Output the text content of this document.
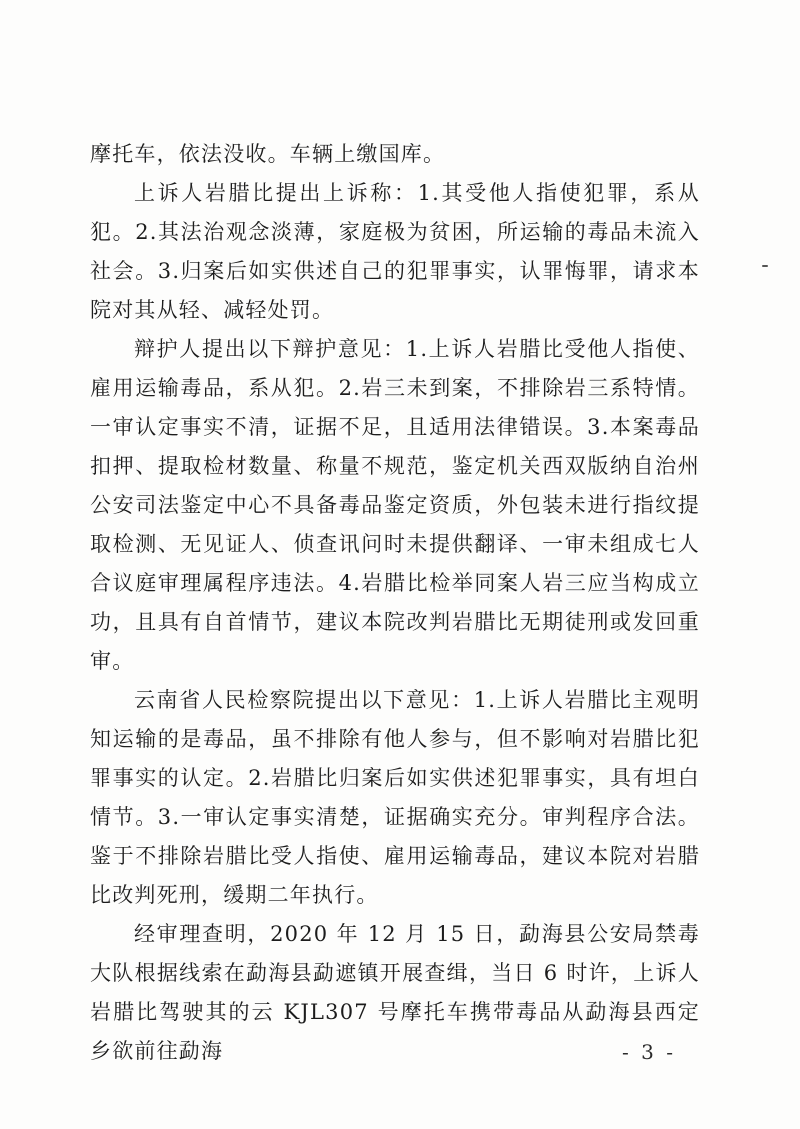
摩托车，依法没收。车辆上缴国库。

上诉人岩腊比提出上诉称：1.其受他人指使犯罪，系从犯。2.其法治观念淡薄，家庭极为贫困，所运输的毒品未流入社会。3.归案后如实供述自己的犯罪事实，认罪悔罪，请求本院对其从轻、减轻处罚。

辩护人提出以下辩护意见：1.上诉人岩腊比受他人指使、雇用运输毒品，系从犯。2.岩三未到案，不排除岩三系特情。一审认定事实不清，证据不足，且适用法律错误。3.本案毒品扣押、提取检材数量、称量不规范，鉴定机关西双版纳自治州公安司法鉴定中心不具备毒品鉴定资质，外包装未进行指纹提取检测、无见证人、侦查讯问时未提供翻译、一审未组成七人合议庭审理属程序违法。4.岩腊比检举同案人岩三应当构成立功，且具有自首情节，建议本院改判岩腊比无期徒刑或发回重审。

云南省人民检察院提出以下意见：1.上诉人岩腊比主观明知运输的是毒品，虽不排除有他人参与，但不影响对岩腊比犯罪事实的认定。2.岩腊比归案后如实供述犯罪事实，具有坦白情节。3.一审认定事实清楚，证据确实充分。审判程序合法。鉴于不排除岩腊比受人指使、雇用运输毒品，建议本院对岩腊比改判死刑，缓期二年执行。

经审理查明，2020 年 12 月 15 日，勐海县公安局禁毒大队根据线索在勐海县勐遮镇开展查缉，当日 6 时许，上诉人岩腊比驾驶其的云 KJL307 号摩托车携带毒品从勐海县西定乡欲前往勐海	- 3 -
